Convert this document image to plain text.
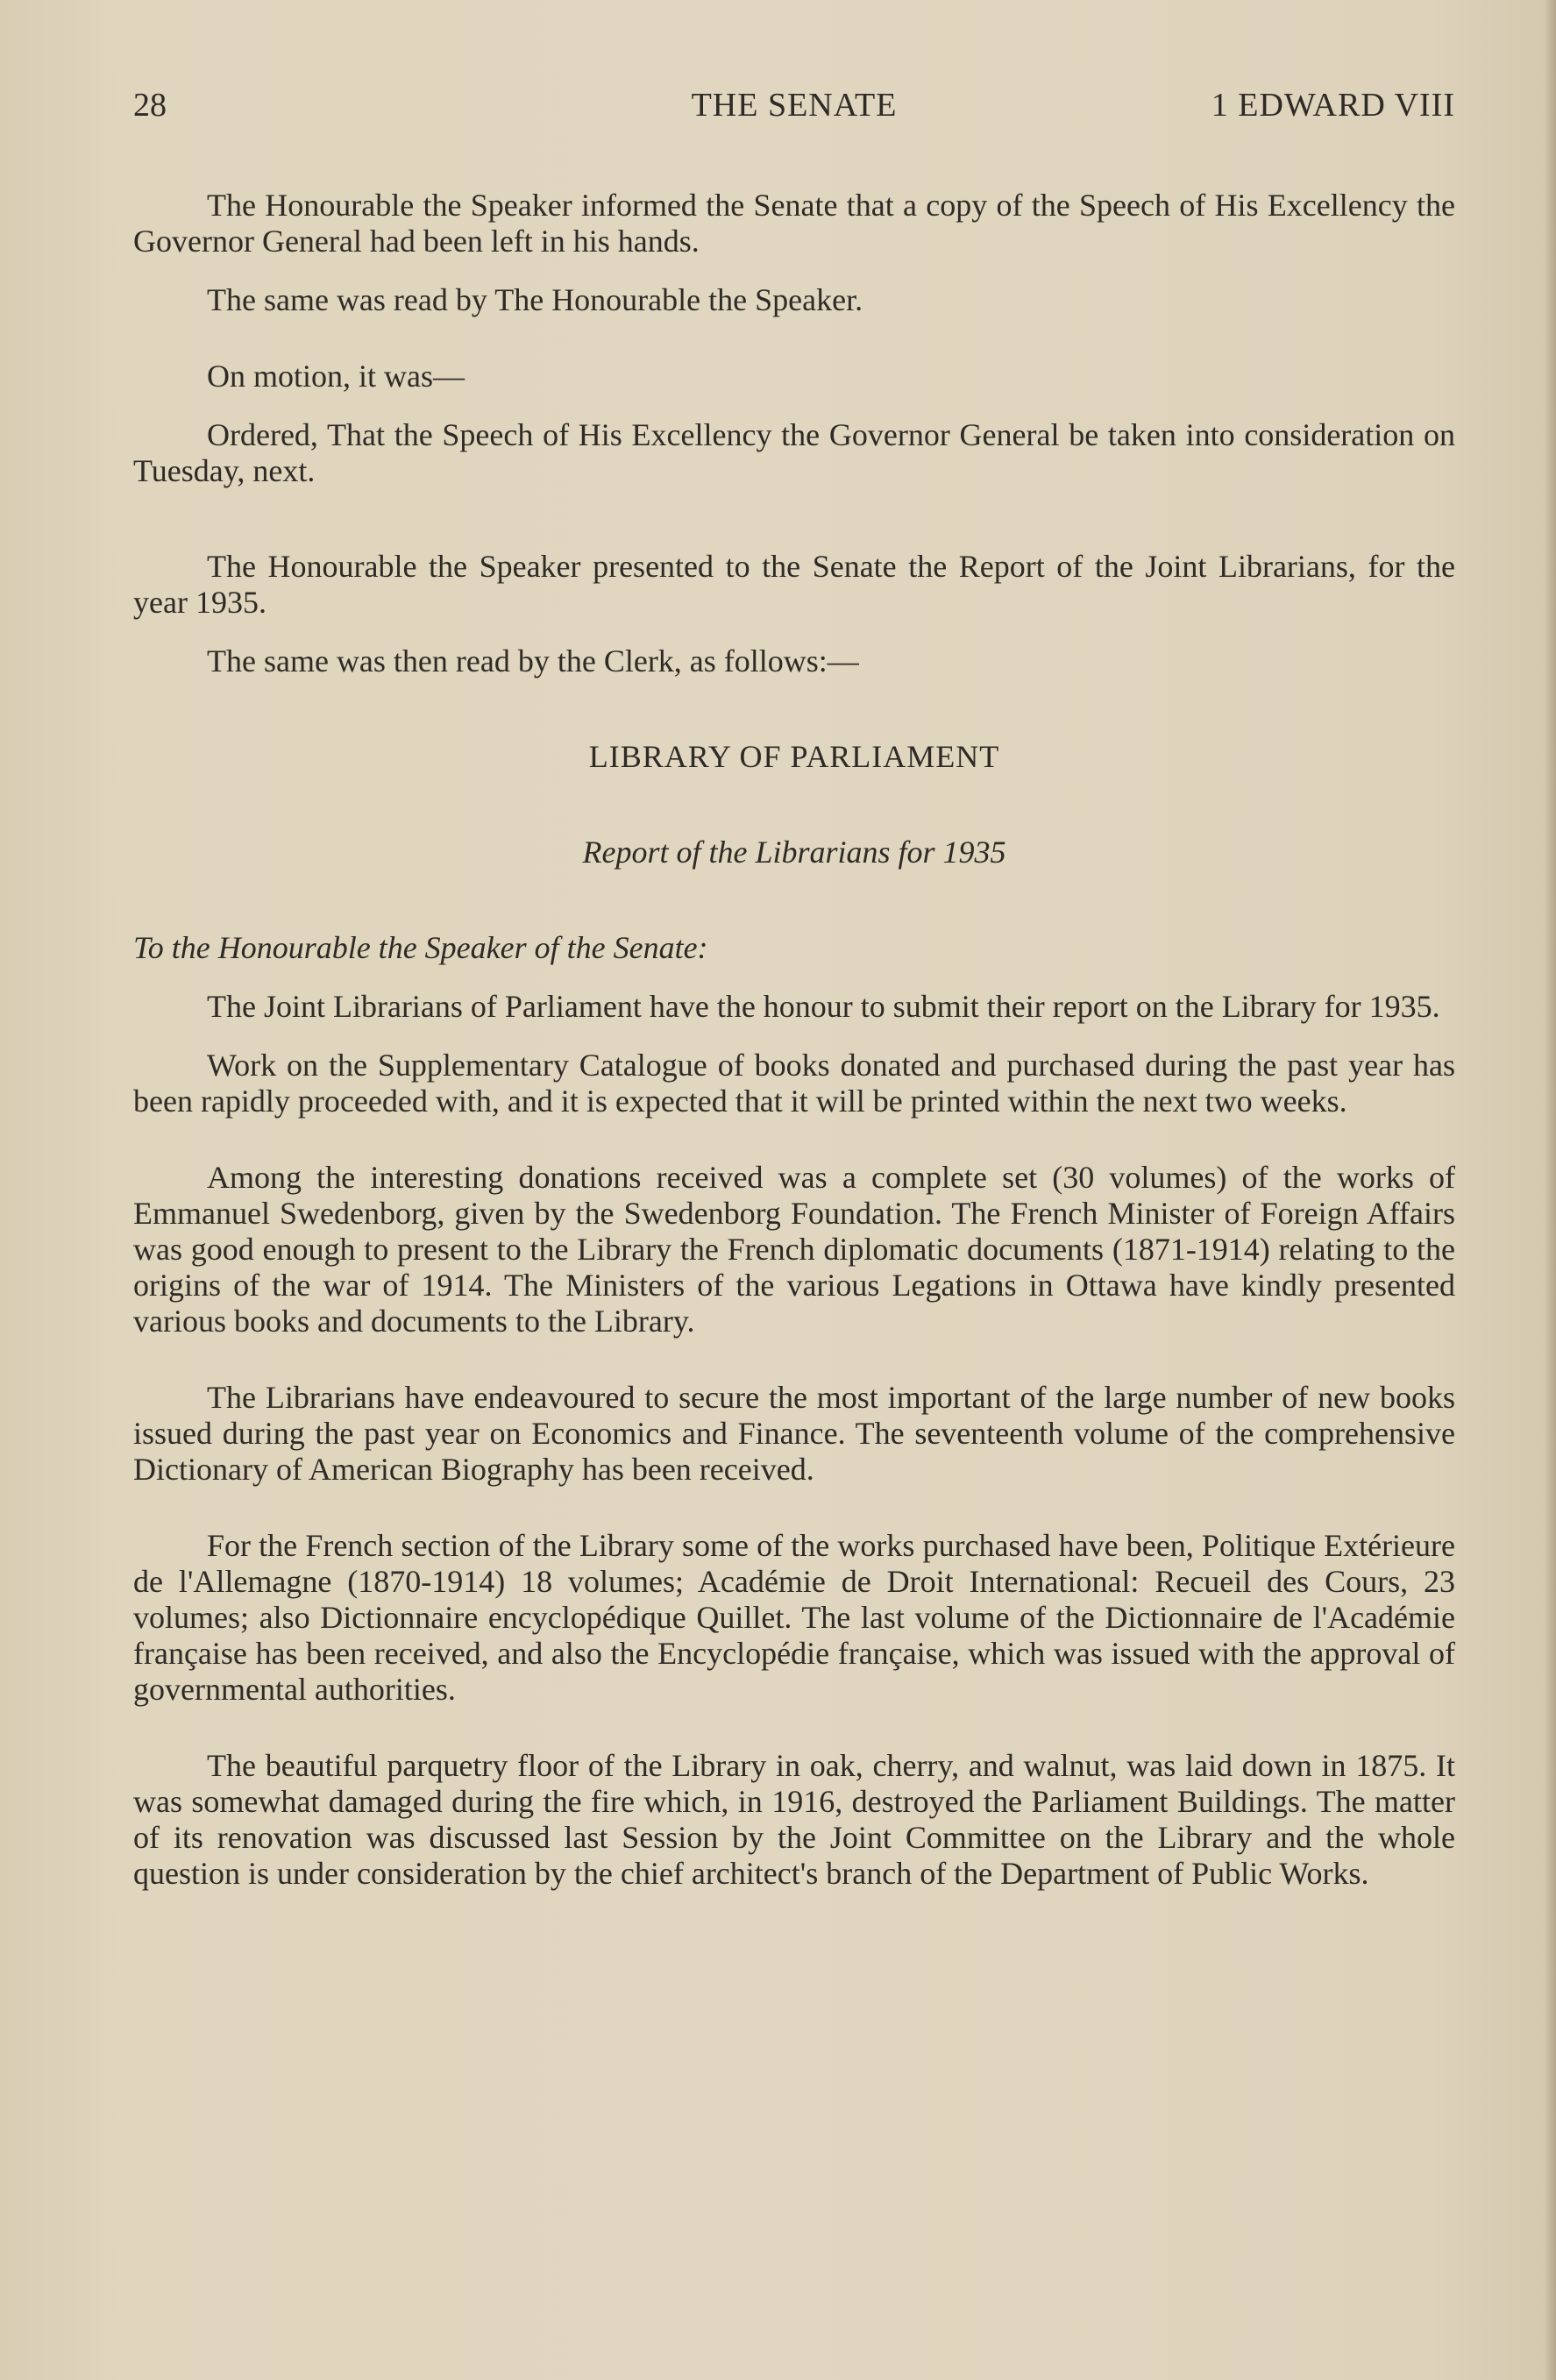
28	THE SENATE	1 EDWARD VIII

The Honourable the Speaker informed the Senate that a copy of the Speech of His Excellency the Governor General had been left in his hands.

The same was read by The Honourable the Speaker.

On motion, it was—

Ordered, That the Speech of His Excellency the Governor General be taken into consideration on Tuesday, next.

The Honourable the Speaker presented to the Senate the Report of the Joint Librarians, for the year 1935.

The same was then read by the Clerk, as follows:—

LIBRARY OF PARLIAMENT

Report of the Librarians for 1935

To the Honourable the Speaker of the Senate:

The Joint Librarians of Parliament have the honour to submit their report on the Library for 1935.

Work on the Supplementary Catalogue of books donated and purchased during the past year has been rapidly proceeded with, and it is expected that it will be printed within the next two weeks.

Among the interesting donations received was a complete set (30 volumes) of the works of Emmanuel Swedenborg, given by the Swedenborg Foundation. The French Minister of Foreign Affairs was good enough to present to the Library the French diplomatic documents (1871-1914) relating to the origins of the war of 1914. The Ministers of the various Legations in Ottawa have kindly presented various books and documents to the Library.

The Librarians have endeavoured to secure the most important of the large number of new books issued during the past year on Economics and Finance. The seventeenth volume of the comprehensive Dictionary of American Biography has been received.

For the French section of the Library some of the works purchased have been, Politique Extérieure de l'Allemagne (1870-1914) 18 volumes; Académie de Droit International: Recueil des Cours, 23 volumes; also Dictionnaire encyclopédique Quillet. The last volume of the Dictionnaire de l'Académie française has been received, and also the Encyclopédie française, which was issued with the approval of governmental authorities.

The beautiful parquetry floor of the Library in oak, cherry, and walnut, was laid down in 1875. It was somewhat damaged during the fire which, in 1916, destroyed the Parliament Buildings. The matter of its renovation was discussed last Session by the Joint Committee on the Library and the whole question is under consideration by the chief architect's branch of the Department of Public Works.
